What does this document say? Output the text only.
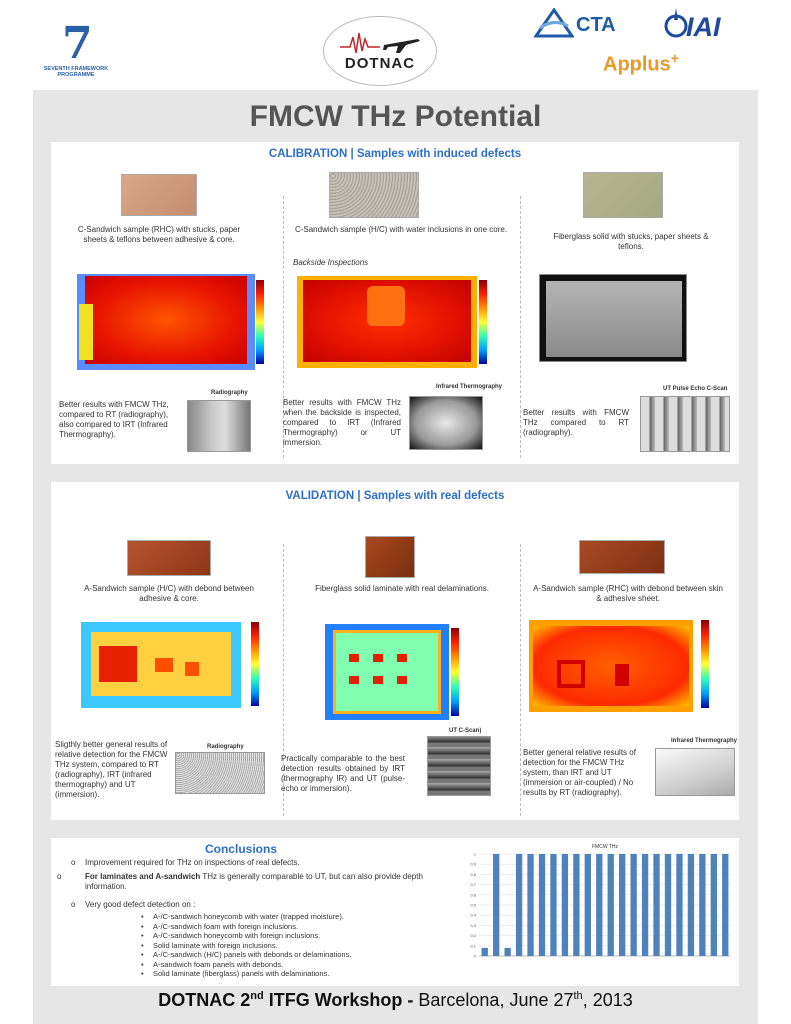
7
SEVENTH FRAMEWORK PROGRAMME
DOTNAC
CTA	IAI
Applus+
FMCW THz Potential
CALIBRATION | Samples with induced defects
C-Sandwich sample (RHC) with stucks, paper sheets & teflons between adhesive & core.
Radiography
Better results with FMCW THz, compared to RT (radiography), also compared to IRT (Infrared Thermography).
C-Sandwich sample (H/C) with water inclusions in one core.
Backside Inspections
Infrared Thermography
Better results with FMCW THz when the backside is inspected, compared to IRT (Infrared Thermography) or UT immersion.
Fiberglass solid with stucks, paper sheets & teflons.
UT Pulse Echo C-Scan
Better results with FMCW THz compared to RT (radiography).
VALIDATION | Samples with real defects
A-Sandwich sample (H/C) with debond between adhesive & core.
Radiography
Sligthly better general results of relative detection for the FMCW THz system, compared to RT (radiography), IRT (infrared thermography) and UT (immersion).
Fiberglass solid laminate with real delaminations.
UT C-Scan)
Practically comparable to the best detection results obtained by IRT (thermography IR) and UT (pulse-echo or immersion).
A-Sandwich sample (RHC) with debond between skin & adhesive sheet.
Infrared Thermography
Better general relative results of detection for the FMCW THz system, than IRT and UT (immersion or air-coupled) / No results by RT (radiography).
Conclusions
o Improvement required for THz on inspections of real defects.
o	For laminates and A-sandwich THz is generally comparable to UT, but can also provide depth information.
o Very good defect detection on :
• A-/C-sandwich honeycomb with water (trapped moisture).
• A-/C-sandwich foam with foreign inclusions.
• A-/C-sandwich honeycomb with foreign inclusions.
• Solid laminate with foreign inclusions.
• A-/C-sandwich (H/C) panels with debonds or delaminations.
• A-sandwich foam panels with debonds.
• Solid laminate (fiberglass) panels with delaminations.
FMCW THz
1
0.9
0.8
0.7
0.6
0.5
0.4
0.3
0.2
0.1
0
DOTNAC 2nd ITFG Workshop - Barcelona, June 27th, 2013
